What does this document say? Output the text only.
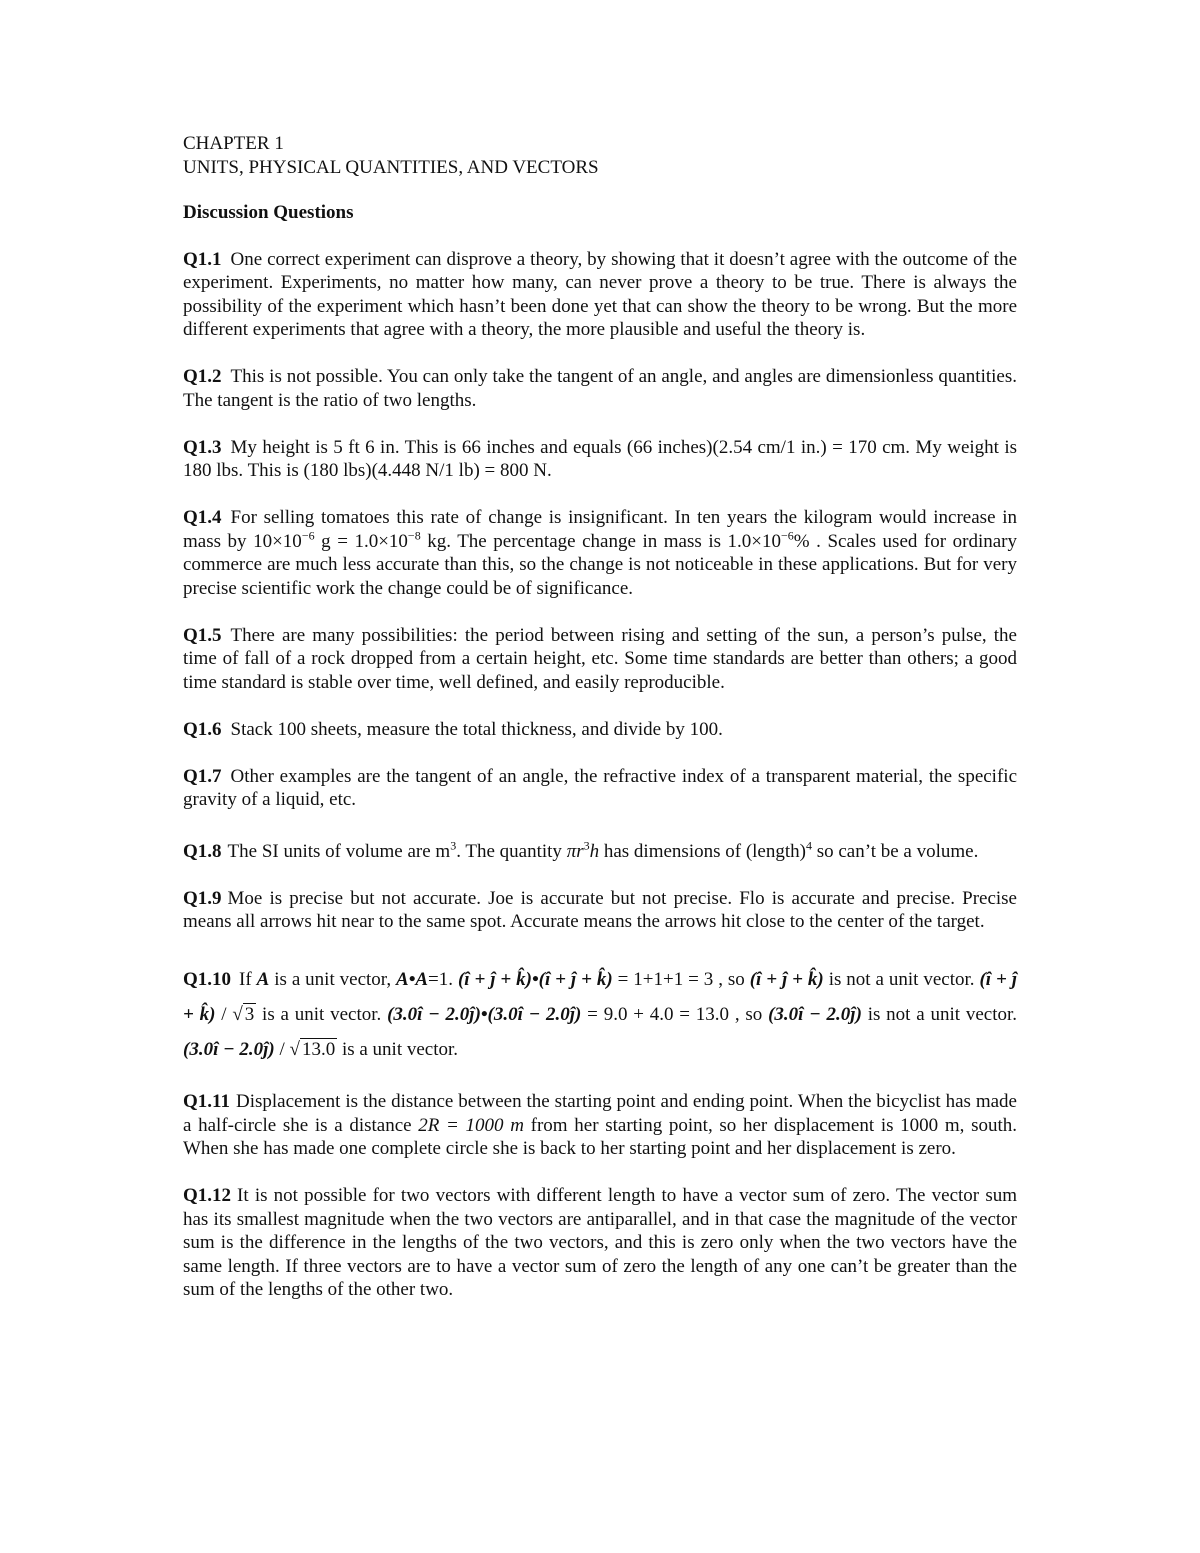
CHAPTER 1
UNITS, PHYSICAL QUANTITIES, AND VECTORS
Discussion Questions

Q1.1 One correct experiment can disprove a theory, by showing that it doesn’t agree with the outcome of the experiment. Experiments, no matter how many, can never prove a theory to be true. There is always the possibility of the experiment which hasn’t been done yet that can show the theory to be wrong. But the more different experiments that agree with a theory, the more plausible and useful the theory is.

Q1.2 This is not possible. You can only take the tangent of an angle, and angles are dimensionless quantities. The tangent is the ratio of two lengths.

Q1.3 My height is 5 ft 6 in. This is 66 inches and equals (66 inches)(2.54 cm/1 in.) = 170 cm. My weight is 180 lbs. This is (180 lbs)(4.448 N/1 lb) = 800 N.

Q1.4 For selling tomatoes this rate of change is insignificant. In ten years the kilogram would increase in mass by $10\times 10^{-6}$ $g = 1.0\times 10^{-8}$ kg. The percentage change in mass is $1.0\times 10^{-6}\%$ . Scales used for ordinary commerce are much less accurate than this, so the change is not noticeable in these applications. But for very precise scientific work the change could be of significance.

Q1.5 There are many possibilities: the period between rising and setting of the sun, a person’s pulse, the time of fall of a rock dropped from a certain height, etc. Some time standards are better than others; a good time standard is stable over time, well defined, and easily reproducible.

Q1.6 Stack 100 sheets, measure the total thickness, and divide by 100.

Q1.7 Other examples are the tangent of an angle, the refractive index of a transparent material, the specific gravity of a liquid, etc.

Q1.8 The SI units of volume are $m^3$. The quantity $\pi r^3h$ has dimensions of (length)$^4$ so can’t be a volume.

Q1.9 Moe is precise but not accurate. Joe is accurate but not precise. Flo is accurate and precise. Precise means all arrows hit near to the same spot. Accurate means the arrows hit close to the center of the target.

Q1.10 If A is a unit vector, A•A=1. (î + ĵ + k̂)•(î + ĵ + k̂) = 1+1+1 = 3 , so (î + ĵ + k̂) is not a unit vector. (î + ĵ + k̂) / √ 3 is a unit vector. (3.0î − 2.0ĵ)•(3.0î − 2.0ĵ) = 9.0 + 4.0 = 13.0 , so (3.0î − 2.0ĵ) is not a unit vector. (3.0î − 2.0ĵ) / √ 13.0 is a unit vector.

Q1.11 Displacement is the distance between the starting point and ending point. When the bicyclist has made a half-circle she is a distance 2R = 1000 m from her starting point, so her displacement is 1000 m, south. When she has made one complete circle she is back to her starting point and her displacement is zero.

Q1.12 It is not possible for two vectors with different length to have a vector sum of zero. The vector sum has its smallest magnitude when the two vectors are antiparallel, and in that case the magnitude of the vector sum is the difference in the lengths of the two vectors, and this is zero only when the two vectors have the same length. If three vectors are to have a vector sum of zero the length of any one can’t be greater than the sum of the lengths of the other two.
